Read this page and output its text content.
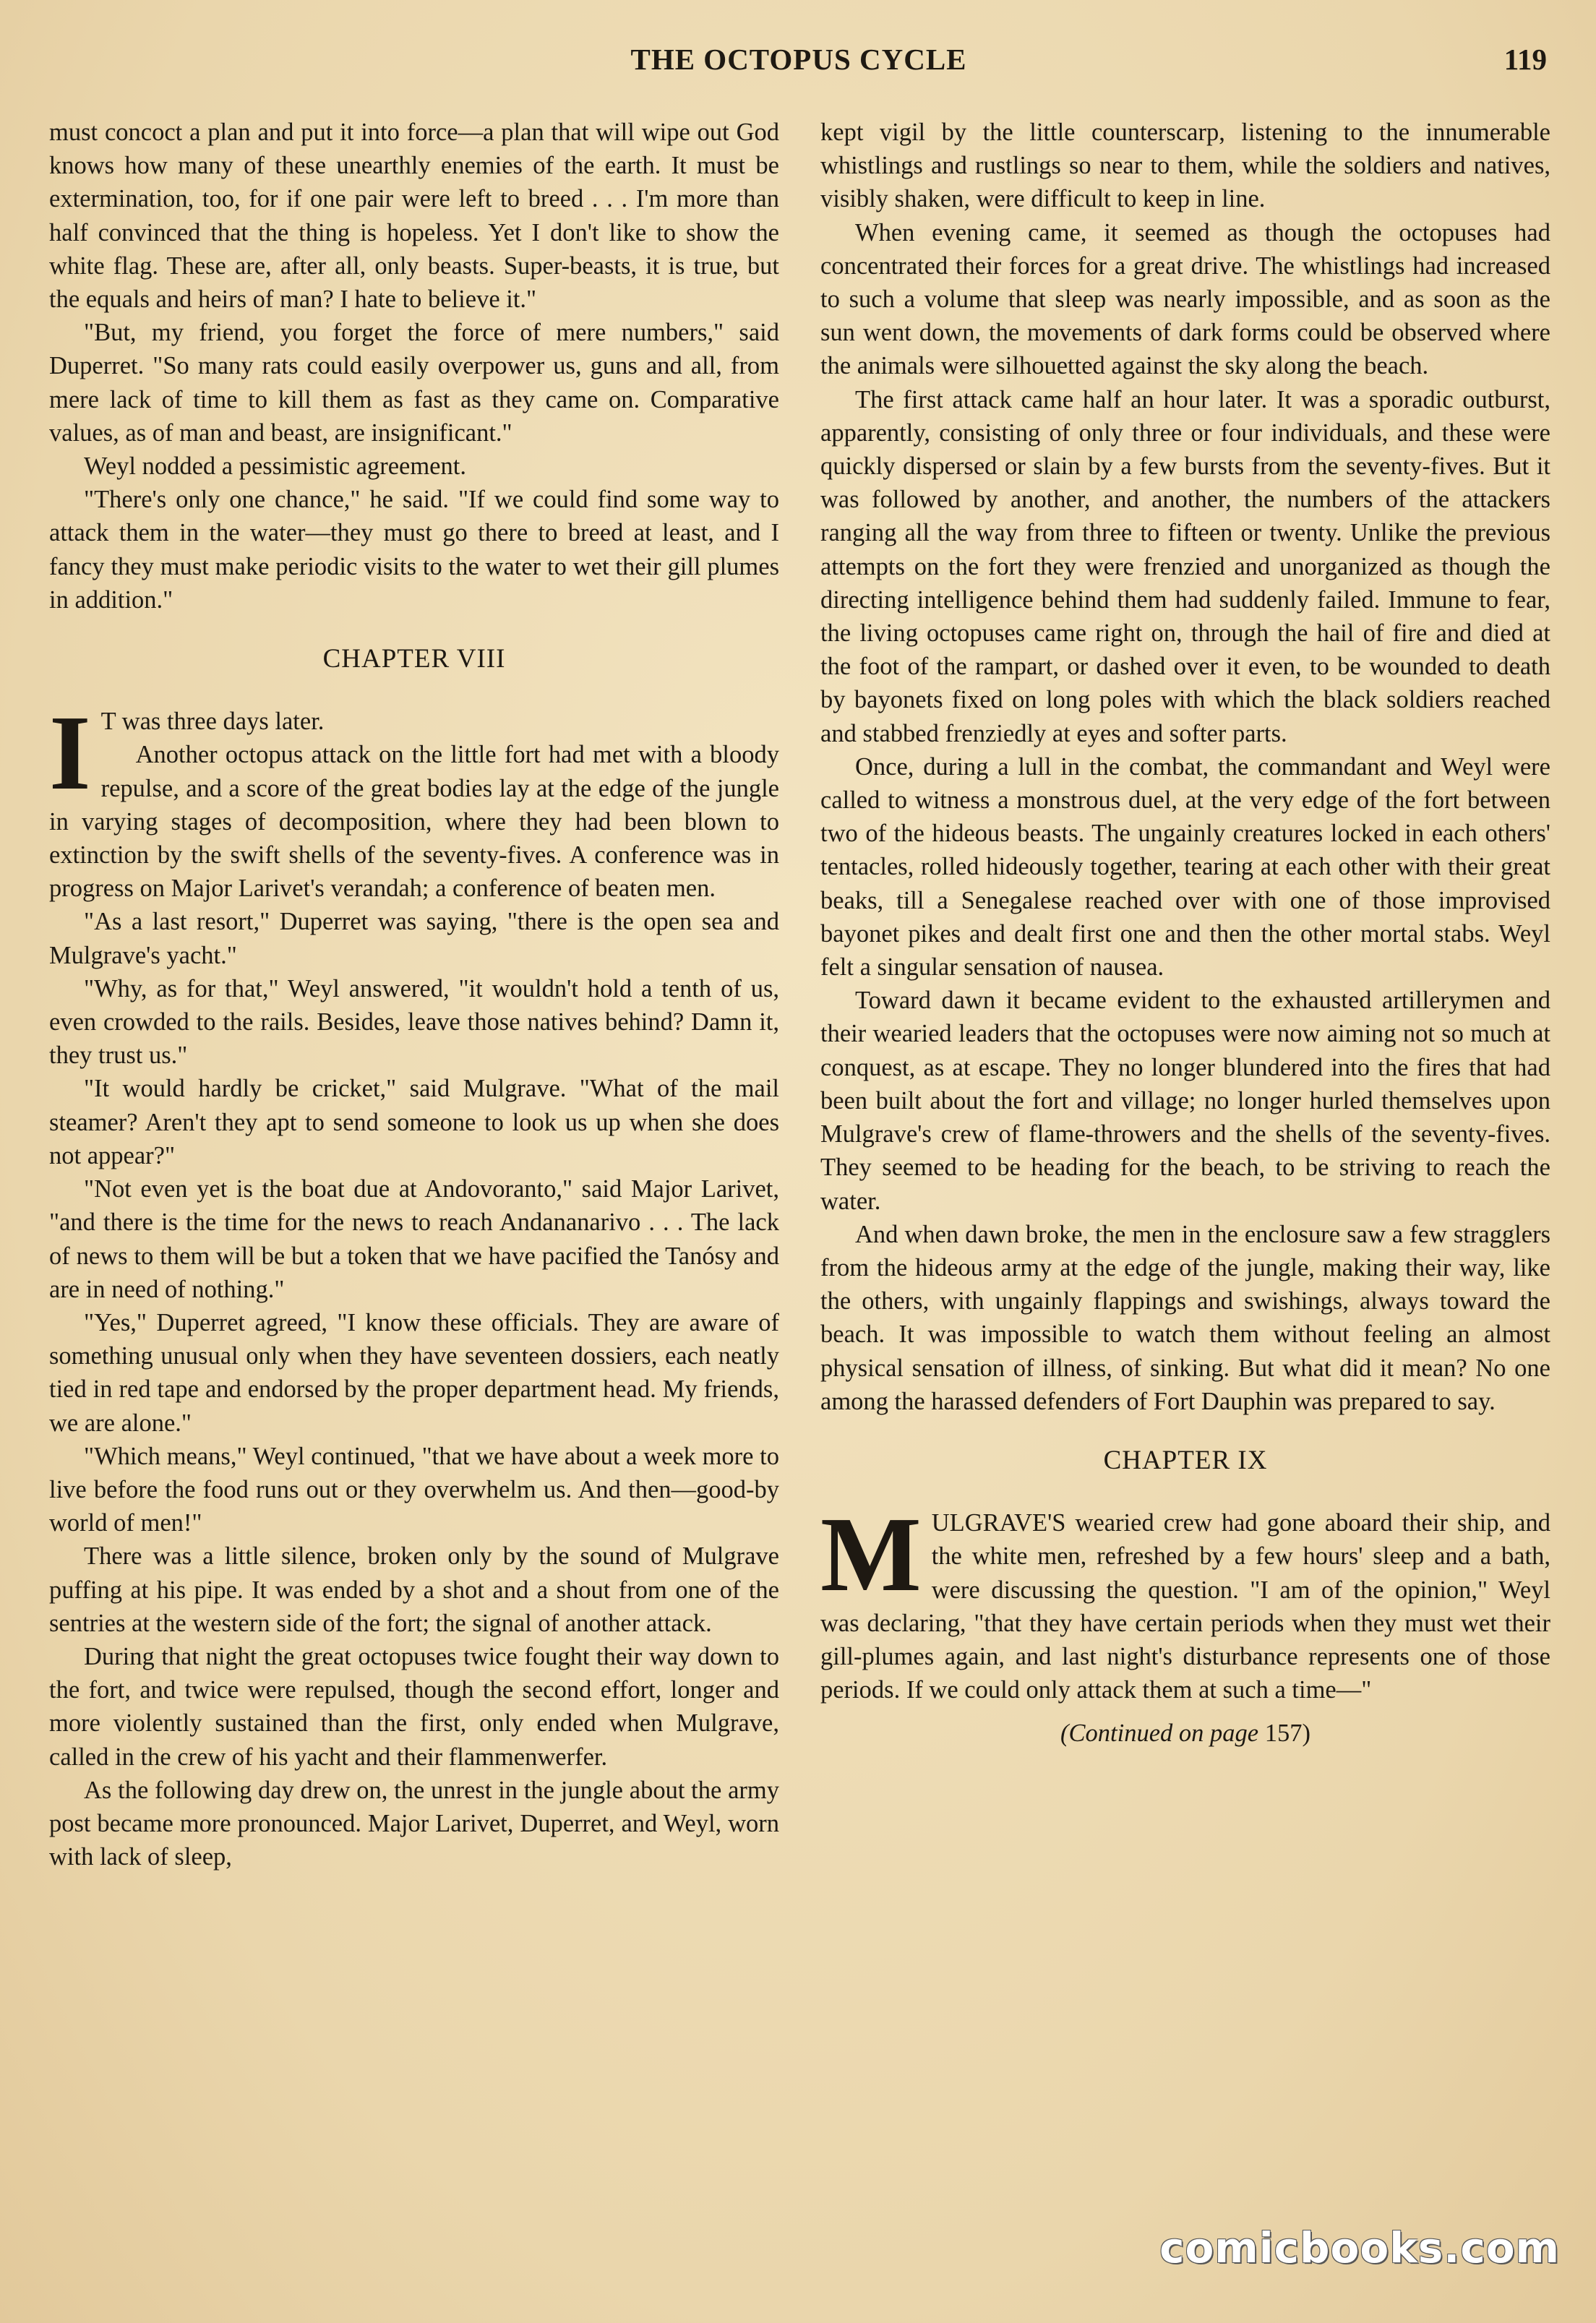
THE OCTOPUS CYCLE	119

must concoct a plan and put it into force—a plan that will wipe out God knows how many of these unearthly enemies of the earth. It must be extermination, too, for if one pair were left to breed . . . I'm more than half convinced that the thing is hopeless. Yet I don't like to show the white flag. These are, after all, only beasts. Super-beasts, it is true, but the equals and heirs of man? I hate to believe it."

"But, my friend, you forget the force of mere numbers," said Duperret. "So many rats could easily overpower us, guns and all, from mere lack of time to kill them as fast as they came on. Comparative values, as of man and beast, are insignificant."

Weyl nodded a pessimistic agreement.

"There's only one chance," he said. "If we could find some way to attack them in the water—they must go there to breed at least, and I fancy they must make periodic visits to the water to wet their gill plumes in addition."

CHAPTER VIII

I T was three days later.

Another octopus attack on the little fort had met with a bloody repulse, and a score of the great bodies lay at the edge of the jungle in varying stages of decomposition, where they had been blown to extinction by the swift shells of the seventy-fives. A conference was in progress on Major Larivet's verandah; a conference of beaten men.

"As a last resort," Duperret was saying, "there is the open sea and Mulgrave's yacht."

"Why, as for that," Weyl answered, "it wouldn't hold a tenth of us, even crowded to the rails. Besides, leave those natives behind? Damn it, they trust us."

"It would hardly be cricket," said Mulgrave. "What of the mail steamer? Aren't they apt to send someone to look us up when she does not appear?"

"Not even yet is the boat due at Andovoranto," said Major Larivet, "and there is the time for the news to reach Andananarivo . . . The lack of news to them will be but a token that we have pacified the Tanósy and are in need of nothing."

"Yes," Duperret agreed, "I know these officials. They are aware of something unusual only when they have seventeen dossiers, each neatly tied in red tape and endorsed by the proper department head. My friends, we are alone."

"Which means," Weyl continued, "that we have about a week more to live before the food runs out or they overwhelm us. And then—good-by world of men!"

There was a little silence, broken only by the sound of Mulgrave puffing at his pipe. It was ended by a shot and a shout from one of the sentries at the western side of the fort; the signal of another attack.

During that night the great octopuses twice fought their way down to the fort, and twice were repulsed, though the second effort, longer and more violently sustained than the first, only ended when Mulgrave, called in the crew of his yacht and their flammenwerfer.

As the following day drew on, the unrest in the jungle about the army post became more pronounced. Major Larivet, Duperret, and Weyl, worn with lack of sleep,

kept vigil by the little counterscarp, listening to the innumerable whistlings and rustlings so near to them, while the soldiers and natives, visibly shaken, were difficult to keep in line.

When evening came, it seemed as though the octopuses had concentrated their forces for a great drive. The whistlings had increased to such a volume that sleep was nearly impossible, and as soon as the sun went down, the movements of dark forms could be observed where the animals were silhouetted against the sky along the beach.

The first attack came half an hour later. It was a sporadic outburst, apparently, consisting of only three or four individuals, and these were quickly dispersed or slain by a few bursts from the seventy-fives. But it was followed by another, and another, the numbers of the attackers ranging all the way from three to fifteen or twenty. Unlike the previous attempts on the fort they were frenzied and unorganized as though the directing intelligence behind them had suddenly failed. Immune to fear, the living octopuses came right on, through the hail of fire and died at the foot of the rampart, or dashed over it even, to be wounded to death by bayonets fixed on long poles with which the black soldiers reached and stabbed frenziedly at eyes and softer parts.

Once, during a lull in the combat, the commandant and Weyl were called to witness a monstrous duel, at the very edge of the fort between two of the hideous beasts. The ungainly creatures locked in each others' tentacles, rolled hideously together, tearing at each other with their great beaks, till a Senegalese reached over with one of those improvised bayonet pikes and dealt first one and then the other mortal stabs. Weyl felt a singular sensation of nausea.

Toward dawn it became evident to the exhausted artillerymen and their wearied leaders that the octopuses were now aiming not so much at conquest, as at escape. They no longer blundered into the fires that had been built about the fort and village; no longer hurled themselves upon Mulgrave's crew of flame-throwers and the shells of the seventy-fives. They seemed to be heading for the beach, to be striving to reach the water.

And when dawn broke, the men in the enclosure saw a few stragglers from the hideous army at the edge of the jungle, making their way, like the others, with ungainly flappings and swishings, always toward the beach. It was impossible to watch them without feeling an almost physical sensation of illness, of sinking. But what did it mean? No one among the harassed defenders of Fort Dauphin was prepared to say.

CHAPTER IX

MULGRAVE'S wearied crew had gone aboard their ship, and the white men, refreshed by a few hours' sleep and a bath, were discussing the question. "I am of the opinion," Weyl was declaring, "that they have certain periods when they must wet their gill-plumes again, and last night's disturbance represents one of those periods. If we could only attack them at such a time—"

(Continued on page 157)

comicbooks.com
